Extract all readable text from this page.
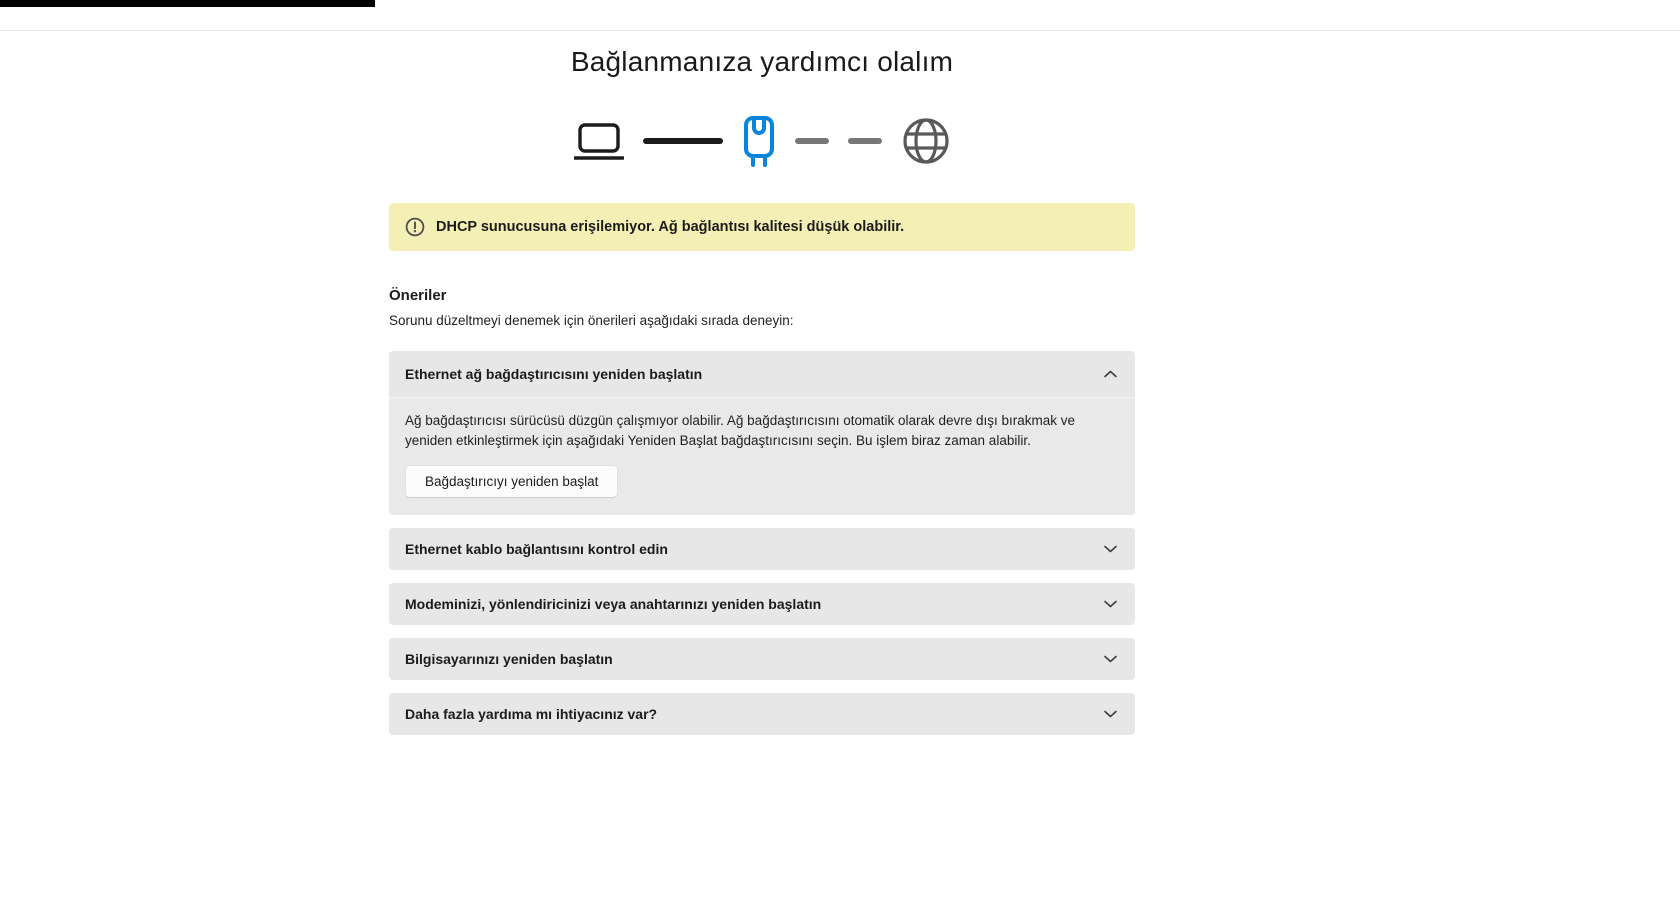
Bağlanmanıza yardımcı olalım
DHCP sunucusuna erişilemiyor. Ağ bağlantısı kalitesi düşük olabilir.
Öneriler
Sorunu düzeltmeyi denemek için önerileri aşağıdaki sırada deneyin:
Ethernet ağ bağdaştırıcısını yeniden başlatın
Ağ bağdaştırıcısı sürücüsü düzgün çalışmıyor olabilir. Ağ bağdaştırıcısını otomatik olarak devre dışı bırakmak ve yeniden etkinleştirmek için aşağıdaki Yeniden Başlat bağdaştırıcısını seçin. Bu işlem biraz zaman alabilir.
Bağdaştırıcıyı yeniden başlat
Ethernet kablo bağlantısını kontrol edin
Modeminizi, yönlendiricinizi veya anahtarınızı yeniden başlatın
Bilgisayarınızı yeniden başlatın
Daha fazla yardıma mı ihtiyacınız var?
